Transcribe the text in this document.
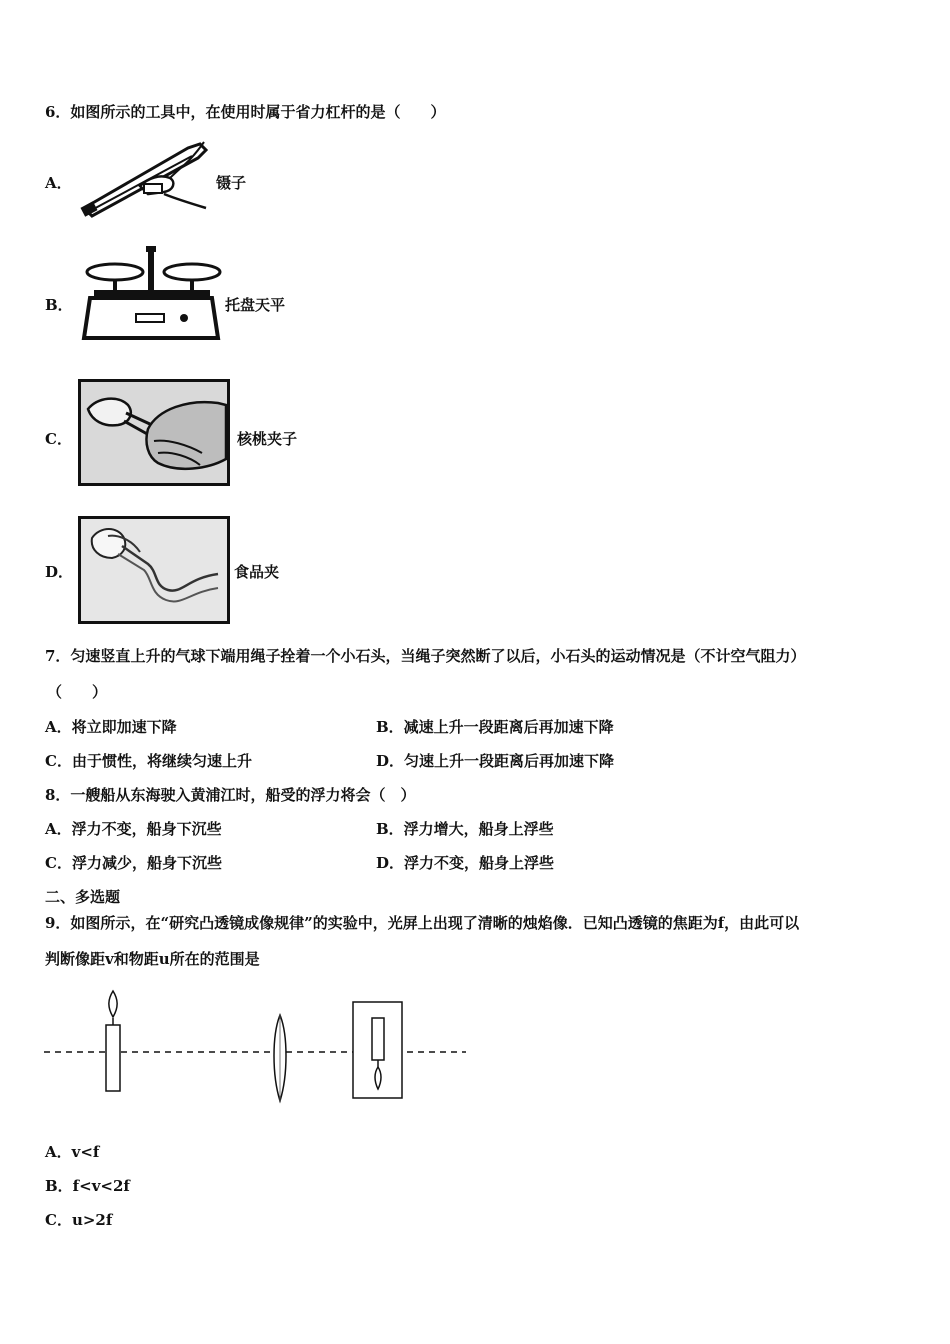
6．如图所示的工具中，在使用时属于省力杠杆的是（　　）
A．	镊子
B．	托盘天平
C．	核桃夹子
D．	食品夹
7．匀速竖直上升的气球下端用绳子拴着一个小石头，当绳子突然断了以后，小石头的运动情况是（不计空气阻力）
（　　）
A．将立即加速下降	B．减速上升一段距离后再加速下降
C．由于惯性，将继续匀速上升	D．匀速上升一段距离后再加速下降
8．一艘船从东海驶入黄浦江时，船受的浮力将会（　）
A．浮力不变，船身下沉些	B．浮力增大，船身上浮些
C．浮力减少，船身下沉些	D．浮力不变，船身上浮些
二、多选题
9．如图所示，在“研究凸透镜成像规律”的实验中，光屏上出现了清晰的烛焰像．已知凸透镜的焦距为f，由此可以
判断像距v和物距u所在的范围是
A．v<f
B．f<v<2f
C．u>2f
